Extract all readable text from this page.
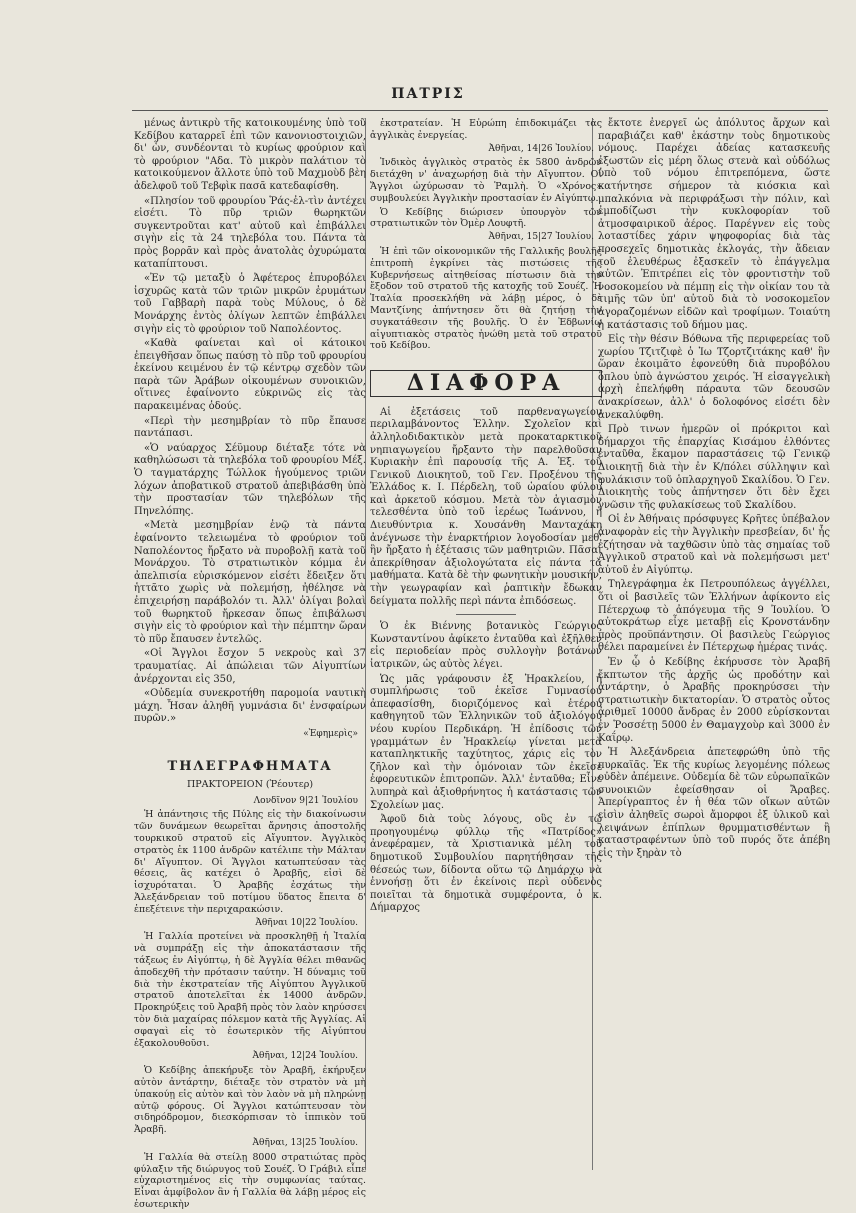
ΠΑΤΡΙΣ

μένως ἀντικρὺ τῆς κατοικουμένης ὑπὸ τοῦ Κεδίβου καταρρεῖ ἐπὶ τῶν κανονιοστοιχιῶν, δι' ὧν, συνδέονται τὸ κυρίως φρούριον καὶ τὸ φρούριον "Αδα. Τὸ μικρὸν παλάτιον τὸ κατοικούμενον ἄλλοτε ὑπὸ τοῦ Μαχμοὺδ βὲη ἀδελφοῦ τοῦ Τεβφὶκ πασᾶ κατεδαφίσθη.

«Πλησίον τοῦ φρουρίου Ῥάς-ἐλ-τὶν ἀντέχει εἰσέτι. Τὸ πῦρ τριῶν θωρηκτῶν συγκεντροῦται κατ' αὐτοῦ καὶ ἐπιβάλλει σιγὴν εἰς τὰ 24 τηλεβόλα του. Πάντα τὰ πρὸς βορρᾶν καὶ πρὸς ἀνατολὰς ὀχυρώματα καταπίπτουσι.

«Ἐν τῷ μεταξὺ ὁ Ἀφέτερος ἐπυροβόλει ἰσχυρῶς κατὰ τῶν τριῶν μικρῶν ἐρυμάτων τοῦ Γαββαρὴ παρὰ τοὺς Μύλους, ὁ δὲ Μονάρχης ἐντὸς ὀλίγων λεπτῶν ἐπιβάλλει σιγὴν εἰς τὸ φρούριον τοῦ Ναπολέοντος.

«Καθὰ φαίνεται καὶ οἱ κάτοικοι ἐπειγθῆσαν ὅπως παύσῃ τὸ πῦρ τοῦ φρουρίου ἐκείνου κειμένου ἐν τῷ κέντρῳ σχεδὸν τῶν παρὰ τῶν Ἀράβων οἰκουμένων συνοικιῶν, οἵτινες ἐφαίνοντο εὐκρινῶς εἰς τὰς παρακειμένας ὁδούς.

«Περὶ τὴν μεσημβρίαν τὸ πῦρ ἔπαυσε παντάπασι.

«Ὁ ναύαρχος Σέϋμουρ διέταξε τότε νὰ καθηλώσωσι τὰ τηλεβόλα τοῦ φρουρίου Μέξ. Ὁ ταγματάρχης Τώλλοκ ἡγούμενος τριῶν λόχων ἀποβατικοῦ στρατοῦ ἀπεβιβάσθη ὑπὸ τὴν προστασίαν τῶν τηλεβόλων τῆς Πηνελόπης.

«Μετὰ μεσημβρίαν ἐνῷ τὰ πάντα ἐφαίνοντο τελειωμένα τὸ φρούριον τοῦ Ναπολέοντος ἤρξατο νὰ πυροβολῇ κατὰ τοῦ Μονάρχου. Τὸ στρατιωτικὸν κόμμα ἐν ἀπελπισία εὑρισκόμενον εἰσέτι ἔδειξεν ὅτι ἡττᾶτο χωρὶς νὰ πολεμήσῃ, ἠθέλησε νὰ ἐπιχειρήσῃ παράβολόν τι. Ἀλλ' ὀλίγαι βολαὶ τοῦ θωρηκτοῦ ἤρκεσαν ὅπως ἐπιβάλωσι σιγὴν εἰς τὸ φρούριον καὶ τὴν πέμπτην ὥραν τὸ πῦρ ἔπαυσεν ἐντελῶς.

«Οἱ Ἄγγλοι ἔσχον 5 νεκροὺς καὶ 37 τραυματίας. Αἱ ἀπώλειαι τῶν Αἰγυπτίων ἀνέρχονται εἰς 350,

«Οὐδεμία συνεκροτήθη παρομοία ναυτικὴ μάχη. Ἦσαν ἀληθῆ γυμνάσια δι' ἐνσφαίρων πυρῶν.»

«Ἐφημερὶς»
ΤΗΛΕΓΡΑΦΗΜΑΤΑ
ΠΡΑΚΤΟΡΕΙΟΝ (Ῥέουτερ)
Λονδῖνον 9|21 Ἰουλίου

Ἡ ἀπάντησις τῆς Πύλης εἰς τὴν διακοίνωσιν τῶν δυνάμεων θεωρεῖται ἄρνησις ἀποστολῆς τουρκικοῦ στρατοῦ εἰς Αἴγυπτον. Ἀγγλικὸς στρατὸς ἐκ 1100 ἀνδρῶν κατέλιπε τὴν Μάλταν δι' Αἴγυπτον. Οἱ Ἄγγλοι κατωπτεύσαν τὰς θέσεις, ἃς κατέχει ὁ Ἀραβῆς, εἰσὶ δὲ ἰσχυρόταται. Ὁ Ἀραβῆς ἐσχάτως τὴν Ἀλεξάνδρειαν τοῦ ποτίμου ὕδατος ἔπειτα δ' ἐπεξέτεινε τὴν περιχαρακώσιν.

Ἀθῆναι 10|22 Ἰουλίου.

Ἡ Γαλλία προτείνει νὰ προσκληθῇ ἡ Ἰταλία νὰ συμπράξῃ εἰς τὴν ἀποκατάστασιν τῆς τάξεως ἐν Αἰγύπτῳ, ἡ δὲ Ἀγγλία θέλει πιθανῶς ἀποδεχθῆ τὴν πρότασιν ταύτην. Ἡ δύναμις τοῦ διὰ τὴν ἐκστρατείαν τῆς Αἰγύπτου Ἀγγλικοῦ στρατοῦ ἀποτελεῖται ἐκ 14000 ἀνδρῶν. Προκηρύξεις τοῦ Ἀραβῆ πρὸς τὸν λαὸν κηρύσσει τὸν διὰ μαχαίρας πόλεμον κατὰ τῆς Ἀγγλίας. Αἱ σφαγαὶ εἰς τὸ ἐσωτερικὸν τῆς Αἰγύπτου ἐξακολουθοῦσι.

Ἀθῆναι, 12|24 Ἰουλίου.

Ὁ Κεδίβης ἀπεκήρυξε τὸν Ἀραβῆ, ἐκήρυξεν αὐτὸν ἀντάρτην, διέταξε τὸν στρατὸν νὰ μὴ ὑπακούῃ εἰς αὐτὸν καὶ τὸν λαὸν νὰ μὴ πληρώνῃ αὐτῷ φόρους. Οἱ Ἄγγλοι κατώπτευσαν τὸν σιδηρόδρομον, διεσκόρπισαν τὸ ἱππικὸν τοῦ Ἀραβῆ.

Ἀθῆναι, 13|25 Ἰουλίου.

Ἡ Γαλλία θὰ στείλῃ 8000 στρατιώτας πρὸς φύλαξιν τῆς διώρυγος τοῦ Σουέζ. Ὁ Γράβιλ εἶπε εὐχαριστημένος εἰς τὴν συμφωνίας ταύτας. Εἶναι ἀμφίβολον ἂν ἡ Γαλλία θὰ λάβῃ μέρος εἰς ἐσωτερικὴν

ἐκστρατείαν. Ἡ Εὐρώπη ἐπιδοκιμάζει τὰς ἀγγλικὰς ἐνεργείας.

Ἀθῆναι, 14|26 Ἰουλίου.

Ἰνδικὸς ἀγγλικὸς στρατὸς ἐκ 5800 ἀνδρῶν διετάχθη ν' ἀναχωρήσῃ διὰ τὴν Αἴγυπτον. Οἱ Ἄγγλοι ὠχύρωσαν τὸ Ῥαμλὴ. Ὁ «Χρόνος» συμβουλεύει Ἀγγλικὴν προστασίαν ἐν Αἰγύπτῳ.

Ὁ Κεδίβης διώρισεν ὑπουργὸν τῶν στρατιωτικῶν τὸν Ὀμὲρ Λουφτῆ.

Ἀθῆναι, 15|27 Ἰουλίου.

Ἡ ἐπὶ τῶν οἰκονομικῶν τῆς Γαλλικῆς βουλῆς ἐπιτροπὴ ἐγκρίνει τὰς πιστώσεις τῆς Κυβερνήσεως αἰτηθείσας πίστωσιν διὰ τὴν ἔξοδον τοῦ στρατοῦ τῆς κατοχῆς τοῦ Σουέζ. Ἡ Ἰταλία προσεκλήθη νὰ λάβῃ μέρος, ὁ δὲ Μαντζίνης ἀπήντησεν ὅτι θὰ ζητήσῃ τὴν συγκατάθεσιν τῆς βουλῆς. Ὁ ἐν Ἐδβωνίῳ αἰγυπτιακὸς στρατὸς ἡνώθη μετὰ τοῦ στρατοῦ τοῦ Κεδίβου.

ΔΙΑΦΟΡΑ

Αἱ ἐξετάσεις τοῦ παρθεναγωγείου περιλαμβάνοντος Ἑλλην. Σχολεῖον καὶ ἀλληλοδιδακτικὸν μετὰ προκαταρκτικοῦ νηπιαγωγείου ἤρξαντο τὴν παρελθοῦσαν Κυριακὴν ἐπὶ παρουσίᾳ τῆς Α. Ἐξ. τοῦ Γενικοῦ Διοικητοῦ, τοῦ Γεν. Προξένου τῆς Ἑλλάδος κ. Ι. Πέρδελη, τοῦ ὡραίου φύλου καὶ ἀρκετοῦ κόσμου. Μετὰ τὸν ἁγιασμὸν τελεσθέντα ὑπὸ τοῦ ἱερέως Ἰωάννου, ἡ Διευθύντρια κ. Χουσάνθη Μανταχάκη ἀνέγνωσε τὴν ἐναρκτήριον λογοδοσίαν μεθ' ἣν ἤρξατο ἡ ἐξέτασις τῶν μαθητριῶν. Πᾶσαι ἀπεκρίθησαν ἀξιολογώτατα εἰς πάντα τὰ μαθήματα. Κατὰ δὲ τὴν φωνητικὴν μουσικήν, τὴν γεωγραφίαν καὶ ῥαπτικὴν ἔδωκαν δείγματα πολλῆς περὶ πάντα ἐπιδόσεως.

Ὁ ἐκ Βιέννης βοτανικὸς Γεώργιος Κωνσταντίνου ἀφίκετο ἐνταῦθα καὶ ἐξῆλθεν εἰς περιοδείαν πρὸς συλλογὴν βοτάνων ἰατρικῶν, ὡς αὐτὸς λέγει.

Ὡς μᾶς γράφουσιν ἐξ Ἡρακλείου, ἡ συμπλήρωσις τοῦ ἐκεῖσε Γυμνασίου ἀπεφασίσθη, διοριζόμενος καὶ ἑτέρου καθηγητοῦ τῶν Ἑλληνικῶν τοῦ ἀξιολόγου νέου κυρίου Περδικάρη. Ἡ ἐπίδοσις τῶν γραμμάτων ἐν Ἡρακλείῳ γίνεται μετὰ καταπληκτικῆς ταχύτητος, χάρις εἰς τὸν ζῆλον καὶ τὴν ὁμόνοιαν τῶν ἐκεῖσε ἐφορευτικῶν ἐπιτροπῶν. Ἀλλ' ἐνταῦθα; Εἶνε λυπηρὰ καὶ ἀξιοθρήνητος ἡ κατάστασις τῶν Σχολείων μας.

Ἀφοῦ διὰ τοὺς λόγους, οὓς ἐν τῷ προηγουμένῳ φύλλῳ τῆς «Πατρίδος» ἀνεφέραμεν, τὰ Χριστιανικὰ μέλη τοῦ δημοτικοῦ Συμβουλίου παρητήθησαν τῆς θέσεώς των, δίδοντα οὕτω τῷ Δημάρχῳ νὰ ἐννοήσῃ ὅτι ἐν ἐκείνοις περὶ οὐδενὸς ποιεῖται τὰ δημοτικὰ συμφέροντα, ὁ κ. Δήμαρχος

ἔκτοτε ἐνεργεῖ ὡς ἀπόλυτος ἄρχων καὶ παραβιάζει καθ' ἑκάστην τοὺς δημοτικοὺς νόμους. Παρέχει ἀδείας κατασκευῆς ἐξωστῶν εἰς μέρη ὅλως στενὰ καὶ οὐδόλως ὑπὸ τοῦ νόμου ἐπιτρεπόμενα, ὥστε κατήντησε σήμερον τὰ κιόσκια καὶ μπαλκόνια νὰ περιφράξωσι τὴν πόλιν, καὶ ἐμποδίζωσι τὴν κυκλοφορίαν τοῦ ἀτμοσφαιρικοῦ ἀέρος. Παρέγνεν εἰς τοὺς λοταστίδες χάριν ψηφοφορίας διὰ τὰς προσεχεῖς δημοτικὰς ἐκλογάς, τὴν ἄδειαν τοῦ ἐλευθέρως ἐξασκεῖν τὸ ἐπάγγελμα αὐτῶν. Ἐπιτρέπει εἰς τὸν φροντιστὴν τοῦ νοσοκομείου νὰ πέμπῃ εἰς τὴν οἰκίαν του τὰ τιμῆς τῶν ὑπ' αὐτοῦ διὰ τὸ νοσοκομεῖον ἀγοραζομένων εἰδῶν καὶ τροφίμων. Τοιαύτη ἡ κατάστασις τοῦ δήμου μας.

Εἰς τὴν θέσιν Βόθωνα τῆς περιφερείας τοῦ χωρίου Τζιτζιφὲ ὁ Ἰω Τζορτζιτάκης καθ' ἣν ὥραν ἐκοιμᾶτο ἐφονεύθη διὰ πυροβόλου ὅπλου ὑπὸ ἀγνώστου χειρός. Ἡ εἰσαγγελικὴ ἀρχὴ ἐπελήφθη πάραυτα τῶν δεουσῶν ἀνακρίσεων, ἀλλ' ὁ δολοφόνος εἰσέτι δὲν ἀνεκαλύφθη.

Πρὸ τινων ἡμερῶν οἱ πρόκριτοι καὶ δήμαρχοι τῆς ἐπαρχίας Κισάμου ἐλθόντες ἐνταῦθα, ἔκαμον παραστάσεις τῷ Γενικῷ Διοικητῇ διὰ τὴν ἐν Κ/πόλει σύλληψιν καὶ φυλάκισιν τοῦ ὁπλαρχηγοῦ Σκαλίδου. Ὁ Γεν. Διοικητὴς τοὺς ἀπήντησεν ὅτι δὲν ἔχει γνῶσιν τῆς φυλακίσεως τοῦ Σκαλίδου.

Οἱ ἐν Ἀθήναις πρόσφυγες Κρῆτες ὑπέβαλον ἀναφορὰν εἰς τὴν Ἀγγλικὴν πρεσβείαν, δι' ἧς ἐζήτησαν νὰ ταχθῶσιν ὑπὸ τὰς σημαίας τοῦ Ἀγγλικοῦ στρατοῦ καὶ νὰ πολεμήσωσι μετ' αὐτοῦ ἐν Αἰγύπτῳ.

Τηλεγράφημα ἐκ Πετρουπόλεως ἀγγέλλει, ὅτι οἱ βασιλεῖς τῶν Ἑλλήνων ἀφίκοντο εἰς Πέτερχωφ τὸ ἀπόγευμα τῆς 9 Ἰουλίου. Ὁ αὐτοκράτωρ εἶχε μεταβῇ εἰς Κρονστάνδην πρὸς προϋπάντησιν. Οἱ βασιλεὺς Γεώργιος θέλει παραμείνει ἐν Πέτερχωφ ἡμέρας τινάς.

Ἐν ᾧ ὁ Κεδίβης ἐκήρυσσε τὸν Ἀραβῆ ἔκπτωτον τῆς ἀρχῆς ὡς προδότην καὶ ἀντάρτην, ὁ Ἀραβῆς προκηρύσσει τὴν στρατιωτικὴν δικτατορίαν. Ὁ στρατὸς οὗτος ἀριθμεῖ 10000 ἄνδρας ἐν 2000 εὑρίσκονται ἐν Ῥοσσέτῃ 5000 ἐν Θαμαγχοὺρ καὶ 3000 ἐν Καΐρῳ.

Ἡ Ἀλεξάνδρεια ἀπετεφρώθη ὑπὸ τῆς πυρκαϊᾶς. Ἐκ τῆς κυρίως λεγομένης πόλεως οὐδὲν ἀπέμεινε. Οὐδεμία δὲ τῶν εὐρωπαϊκῶν συνοικιῶν ἐφείσθησαν οἱ Ἄραβες. Ἀπερίγραπτος ἐν ἡ θέα τῶν οἴκων αὐτῶν εἰσὶν ἀληθεῖς σωροὶ ἄμορφοι ἐξ ὑλικοῦ καὶ λειψάνων ἐπίπλων θρυμματισθέντων ἢ καταστραφέντων ὑπὸ τοῦ πυρός ὅτε ἀπέβη εἰς τὴν ξηρὰν τὸ
